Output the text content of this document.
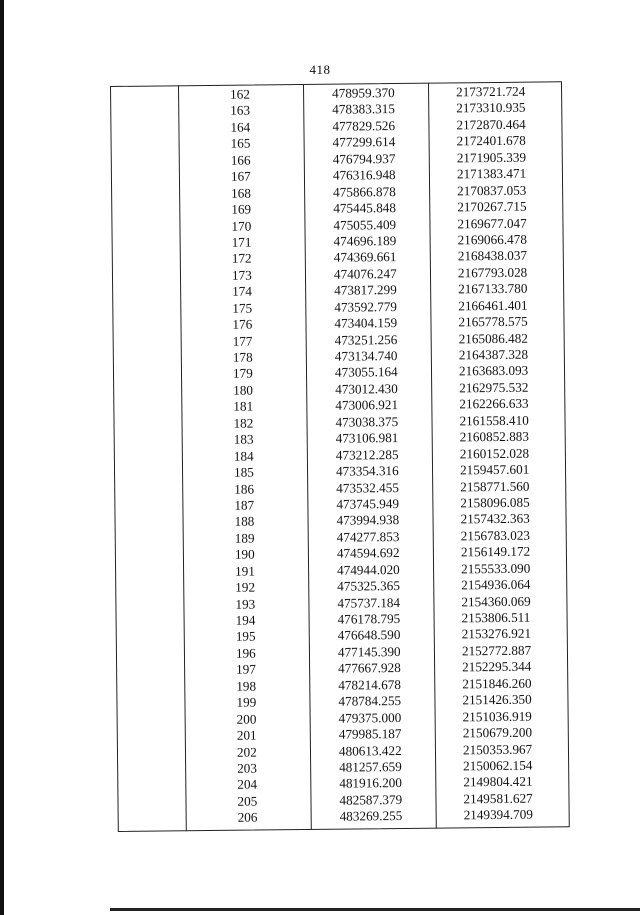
418
162	478959.370	2173721.724
163	478383.315	2173310.935
164	477829.526	2172870.464
165	477299.614	2172401.678
166	476794.937	2171905.339
167	476316.948	2171383.471
168	475866.878	2170837.053
169	475445.848	2170267.715
170	475055.409	2169677.047
171	474696.189	2169066.478
172	474369.661	2168438.037
173	474076.247	2167793.028
174	473817.299	2167133.780
175	473592.779	2166461.401
176	473404.159	2165778.575
177	473251.256	2165086.482
178	473134.740	2164387.328
179	473055.164	2163683.093
180	473012.430	2162975.532
181	473006.921	2162266.633
182	473038.375	2161558.410
183	473106.981	2160852.883
184	473212.285	2160152.028
185	473354.316	2159457.601
186	473532.455	2158771.560
187	473745.949	2158096.085
188	473994.938	2157432.363
189	474277.853	2156783.023
190	474594.692	2156149.172
191	474944.020	2155533.090
192	475325.365	2154936.064
193	475737.184	2154360.069
194	476178.795	2153806.511
195	476648.590	2153276.921
196	477145.390	2152772.887
197	477667.928	2152295.344
198	478214.678	2151846.260
199	478784.255	2151426.350
200	479375.000	2151036.919
201	479985.187	2150679.200
202	480613.422	2150353.967
203	481257.659	2150062.154
204	481916.200	2149804.421
205	482587.379	2149581.627
206	483269.255	2149394.709
